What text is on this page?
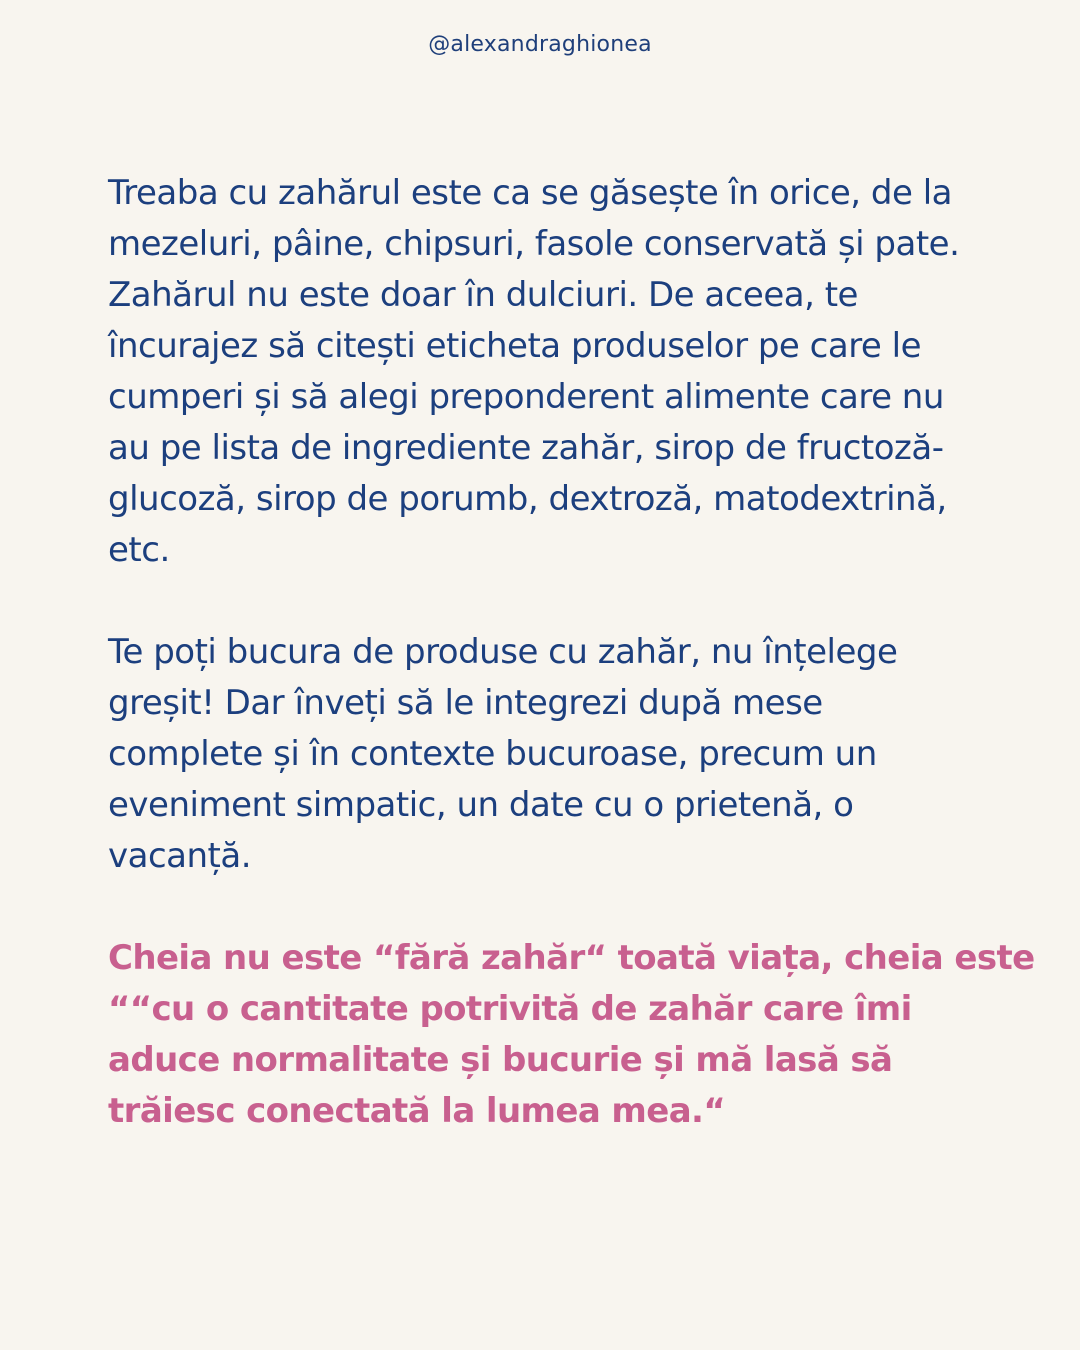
@alexandraghionea

Treaba cu zahărul este ca se găsește în orice, de la
mezeluri, pâine, chipsuri, fasole conservată și pate.
Zahărul nu este doar în dulciuri. De aceea, te
încurajez să citești eticheta produselor pe care le
cumperi și să alegi preponderent alimente care nu
au pe lista de ingrediente zahăr, sirop de fructoză-
glucoză, sirop de porumb, dextroză, matodextrină,
etc.

Te poți bucura de produse cu zahăr, nu înțelege
greșit! Dar înveți să le integrezi după mese
complete și în contexte bucuroase, precum un
eveniment simpatic, un date cu o prietenă, o
vacanță.

Cheia nu este “fără zahăr“ toată viața, cheia este
““cu o cantitate potrivită de zahăr care îmi
aduce normalitate și bucurie și mă lasă să
trăiesc conectată la lumea mea.“
